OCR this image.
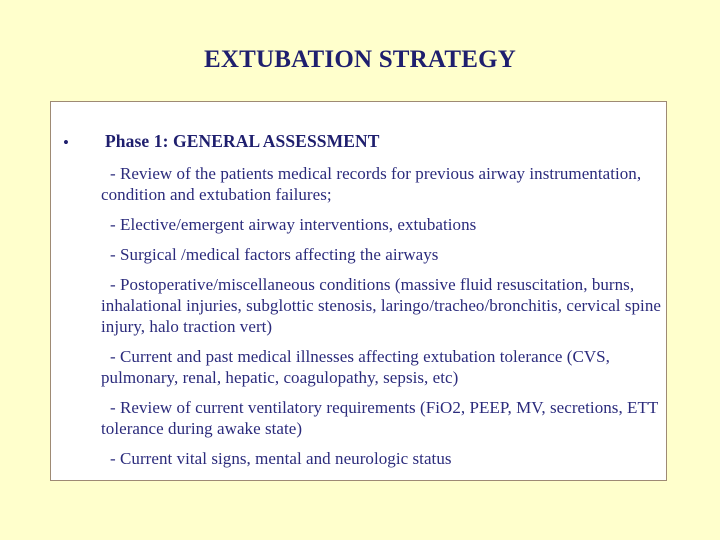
EXTUBATION STRATEGY
• Phase 1: GENERAL ASSESSMENT

- Review of the patients medical records for previous airway instrumentation, condition and extubation failures;

- Elective/emergent airway interventions, extubations

- Surgical /medical factors affecting the airways

- Postoperative/miscellaneous conditions (massive fluid resuscitation, burns, inhalational injuries, subglottic stenosis, laringo/tracheo/bronchitis, cervical spine injury, halo traction vert)

- Current and past medical illnesses affecting extubation tolerance (CVS, pulmonary, renal, hepatic, coagulopathy, sepsis, etc)

- Review of current ventilatory requirements (FiO2, PEEP, MV, secretions, ETT tolerance during awake state)

- Current vital signs, mental and neurologic status
